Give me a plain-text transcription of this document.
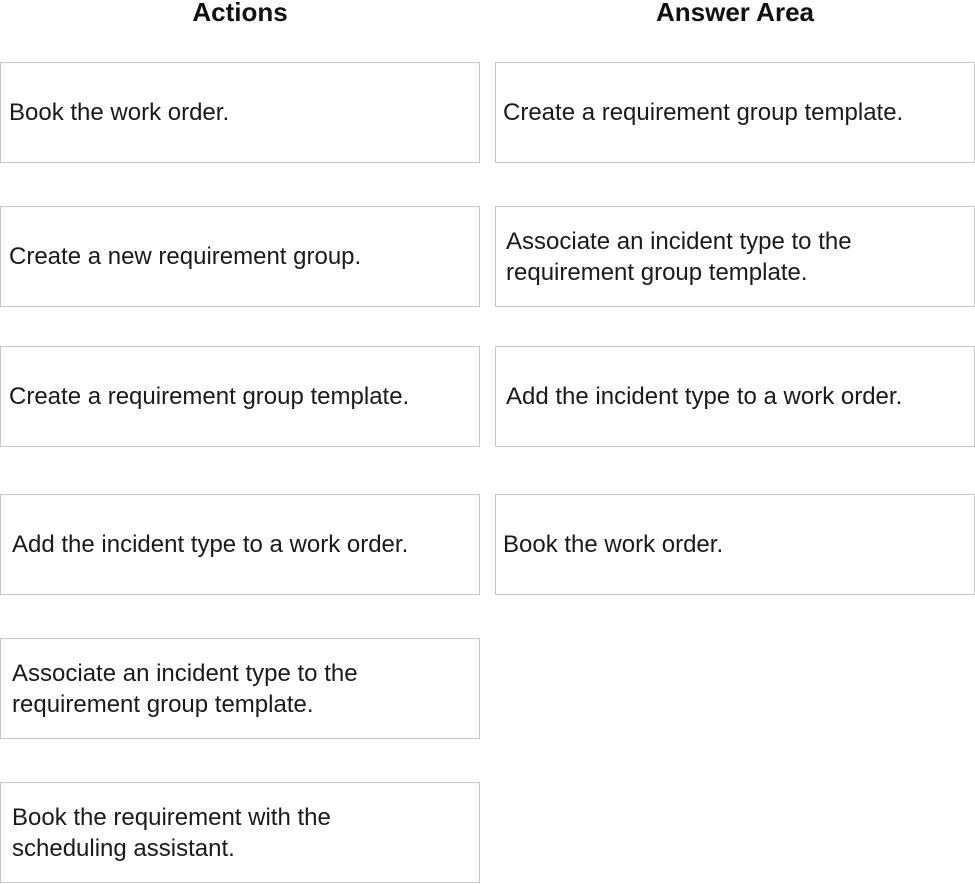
Actions	Answer Area
Book the work order.
Create a new requirement group.
Create a requirement group template.
Add the incident type to a work order.
Associate an incident type to the
requirement group template.
Book the requirement with the
scheduling assistant.
Create a requirement group template.
Associate an incident type to the
requirement group template.
Add the incident type to a work order.
Book the work order.
